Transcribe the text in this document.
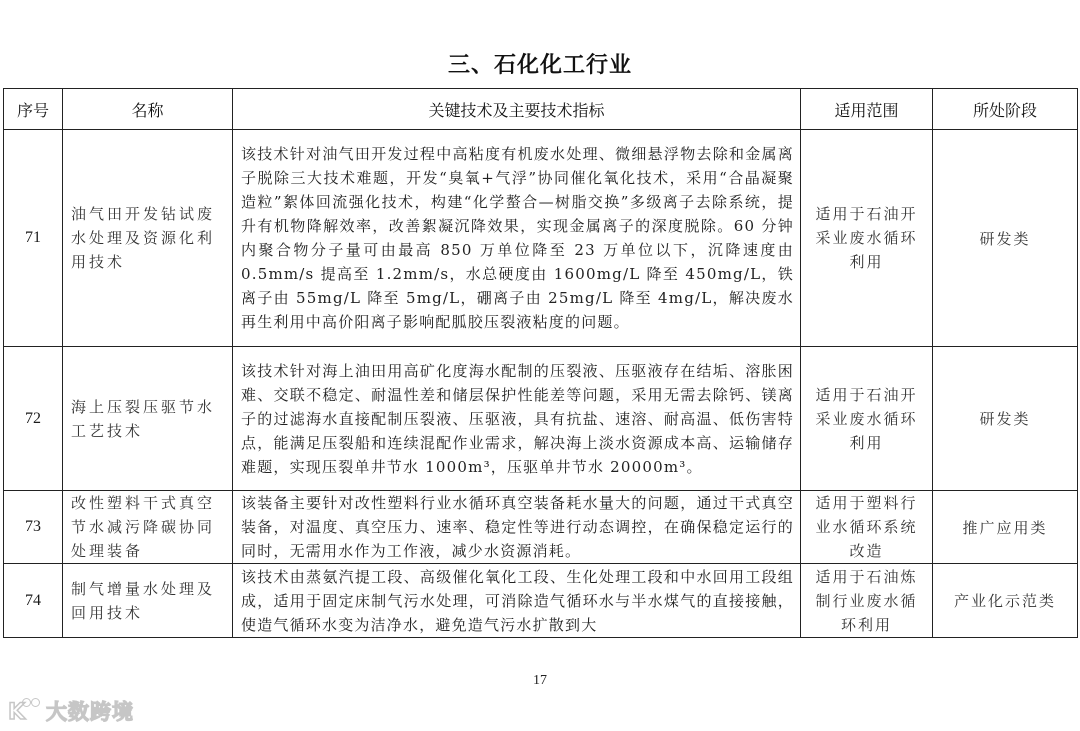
三、石化化工行业
序号	名称	关键技术及主要技术指标	适用范围	所处阶段
71	油气田开发钻试废水处理及资源化利用技术	该技术针对油气田开发过程中高粘度有机废水处理、微细悬浮物去除和金属离子脱除三大技术难题，开发“臭氧+气浮”协同催化氧化技术，采用“合晶凝聚造粒”絮体回流强化技术，构建“化学螯合—树脂交换”多级离子去除系统，提升有机物降解效率，改善絮凝沉降效果，实现金属离子的深度脱除。60 分钟内聚合物分子量可由最高 850 万单位降至 23 万单位以下，沉降速度由 0.5mm/s 提高至 1.2mm/s，水总硬度由 1600mg/L 降至 450mg/L，铁离子由 55mg/L 降至 5mg/L，硼离子由 25mg/L 降至 4mg/L，解决废水再生利用中高价阳离子影响配胍胶压裂液粘度的问题。	适用于石油开采业废水循环利用	研发类
72	海上压裂压驱节水工艺技术	该技术针对海上油田用高矿化度海水配制的压裂液、压驱液存在结垢、溶胀困难、交联不稳定、耐温性差和储层保护性能差等问题，采用无需去除钙、镁离子的过滤海水直接配制压裂液、压驱液，具有抗盐、速溶、耐高温、低伤害特点，能满足压裂船和连续混配作业需求，解决海上淡水资源成本高、运输储存难题，实现压裂单井节水 1000m³，压驱单井节水 20000m³。	适用于石油开采业废水循环利用	研发类
73	改性塑料干式真空节水减污降碳协同处理装备	该装备主要针对改性塑料行业水循环真空装备耗水量大的问题，通过干式真空装备，对温度、真空压力、速率、稳定性等进行动态调控，在确保稳定运行的同时，无需用水作为工作液，减少水资源消耗。	适用于塑料行业水循环系统改造	推广应用类
74	制气增量水处理及回用技术	该技术由蒸氨汽提工段、高级催化氧化工段、生化处理工段和中水回用工段组成，适用于固定床制气污水处理，可消除造气循环水与半水煤气的直接接触，使造气循环水变为洁净水，避免造气污水扩散到大	适用于石油炼制行业废水循环利用	产业化示范类
17
K 大数跨境
